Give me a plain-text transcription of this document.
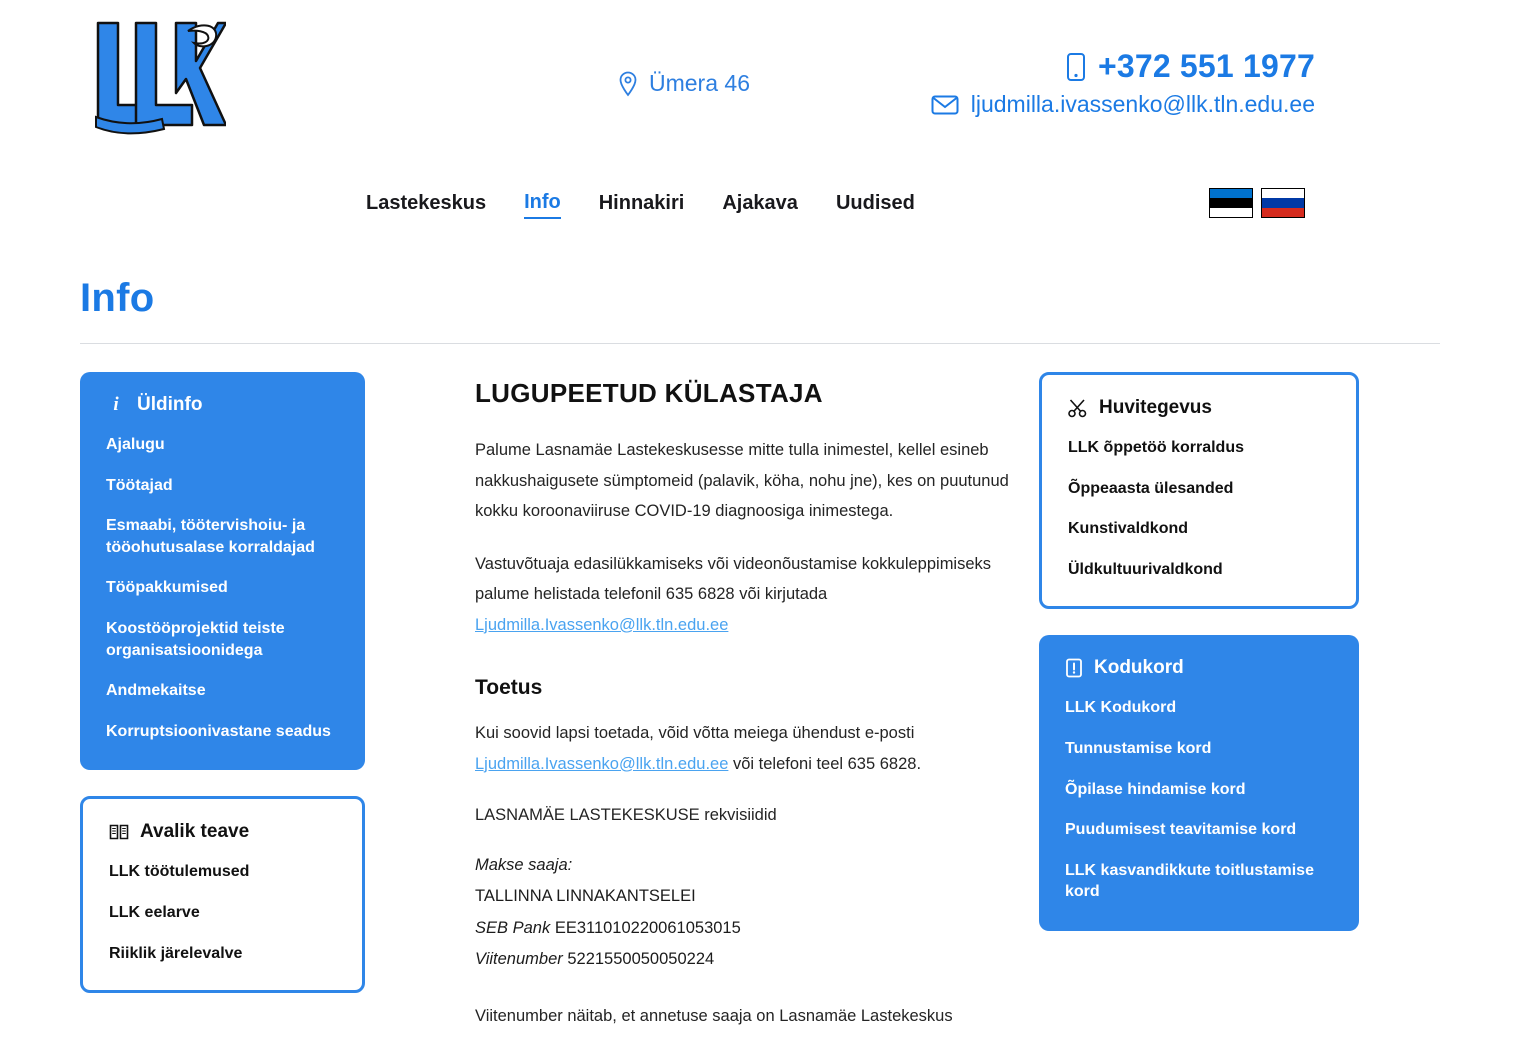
Ümera 46	+372 551 1977
ljudmilla.ivassenko@llk.tln.edu.ee
Lastekeskus Info Hinnakiri Ajakava Uudised
Info
i Üldinfo
Ajalugu
Töötajad
Esmaabi, töötervishoiu- ja tööohutusalase korraldajad
Tööpakkumised
Koostööprojektid teiste organisatsioonidega
Andmekaitse
Korruptsioonivastane seadus
Avalik teave
LLK töötulemused
LLK eelarve
Riiklik järelevalve
LUGUPEETUD KÜLASTAJA

Palume Lasnamäe Lastekeskusesse mitte tulla inimestel, kellel esineb nakkushaigusete sümptomeid (palavik, köha, nohu jne), kes on puutunud kokku koroonaviiruse COVID-19 diagnoosiga inimestega.

Vastuvõtuaja edasilükkamiseks või videonõustamise kokkuleppimiseks palume helistada telefonil 635 6828 või kirjutada Ljudmilla.Ivassenko@llk.tln.edu.ee

Toetus

Kui soovid lapsi toetada, võid võtta meiega ühendust e-posti Ljudmilla.Ivassenko@llk.tln.edu.ee või telefoni teel 635 6828.

LASNAMÄE LASTEKESKUSE rekvisiidid

Makse saaja:

TALLINNA LINNAKANTSELEI

SEB Pank EE311010220061053015

Viitenumber 5221550050050224

Viitenumber näitab, et annetuse saaja on Lasnamäe Lastekeskus

Huvitegevus
LLK õppetöö korraldus
Õppeaasta ülesanded
Kunstivaldkond
Üldkultuurivaldkond
Kodukord
LLK Kodukord
Tunnustamise kord
Õpilase hindamise kord
Puudumisest teavitamise kord
LLK kasvandikkute toitlustamise kord
